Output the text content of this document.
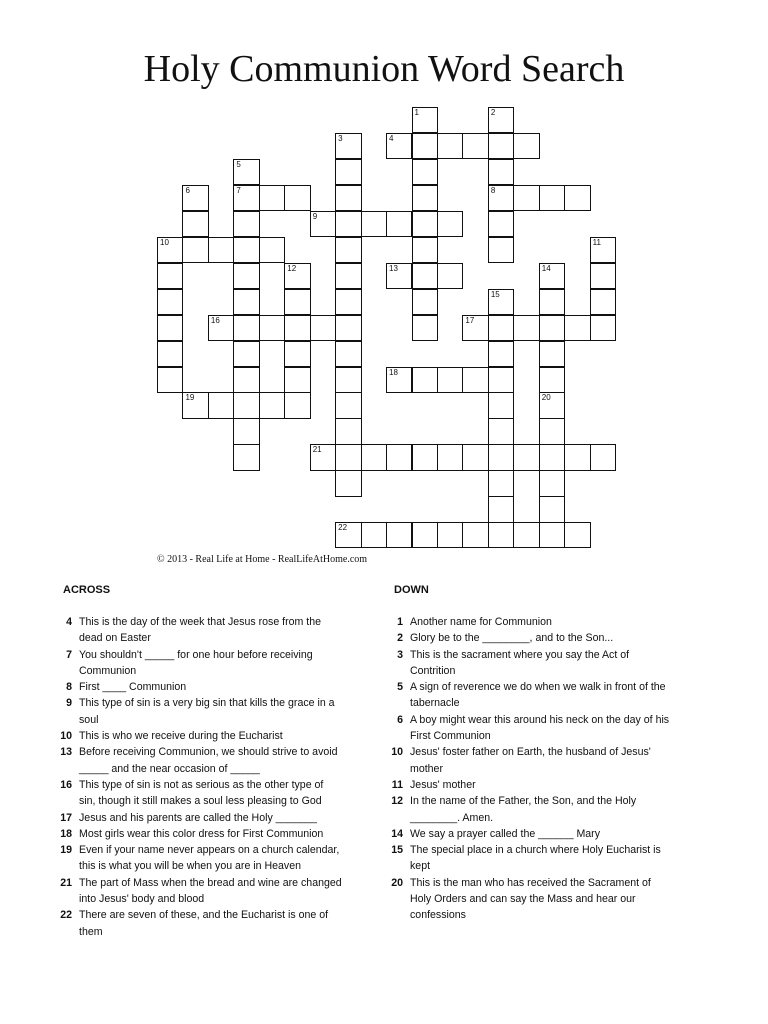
Holy Communion Word Search
1	2
3	4
5
6	7	8
9
10	11
12	13	14
15
16	17
18
19	20
21
22
© 2013 - Real Life at Home - RealLifeAtHome.com
ACROSS	DOWN
4 This is the day of the week that Jesus rose from the dead on Easter
7 You shouldn't _____ for one hour before receiving Communion
8 First ____ Communion
9 This type of sin is a very big sin that kills the grace in a soul
10 This is who we receive during the Eucharist
13 Before receiving Communion, we should strive to avoid _____ and the near occasion of _____
16 This type of sin is not as serious as the other type of sin, though it still makes a soul less pleasing to God
17 Jesus and his parents are called the Holy _______
18 Most girls wear this color dress for First Communion
19 Even if your name never appears on a church calendar, this is what you will be when you are in Heaven
21 The part of Mass when the bread and wine are changed into Jesus' body and blood
22 There are seven of these, and the Eucharist is one of them
1 Another name for Communion
2 Glory be to the ________, and to the Son...
3 This is the sacrament where you say the Act of Contrition
5 A sign of reverence we do when we walk in front of the tabernacle
6 A boy might wear this around his neck on the day of his First Communion
10 Jesus' foster father on Earth, the husband of Jesus' mother
11 Jesus' mother
12 In the name of the Father, the Son, and the Holy ________. Amen.
14 We say a prayer called the ______ Mary
15 The special place in a church where Holy Eucharist is kept
20 This is the man who has received the Sacrament of Holy Orders and can say the Mass and hear our confessions
